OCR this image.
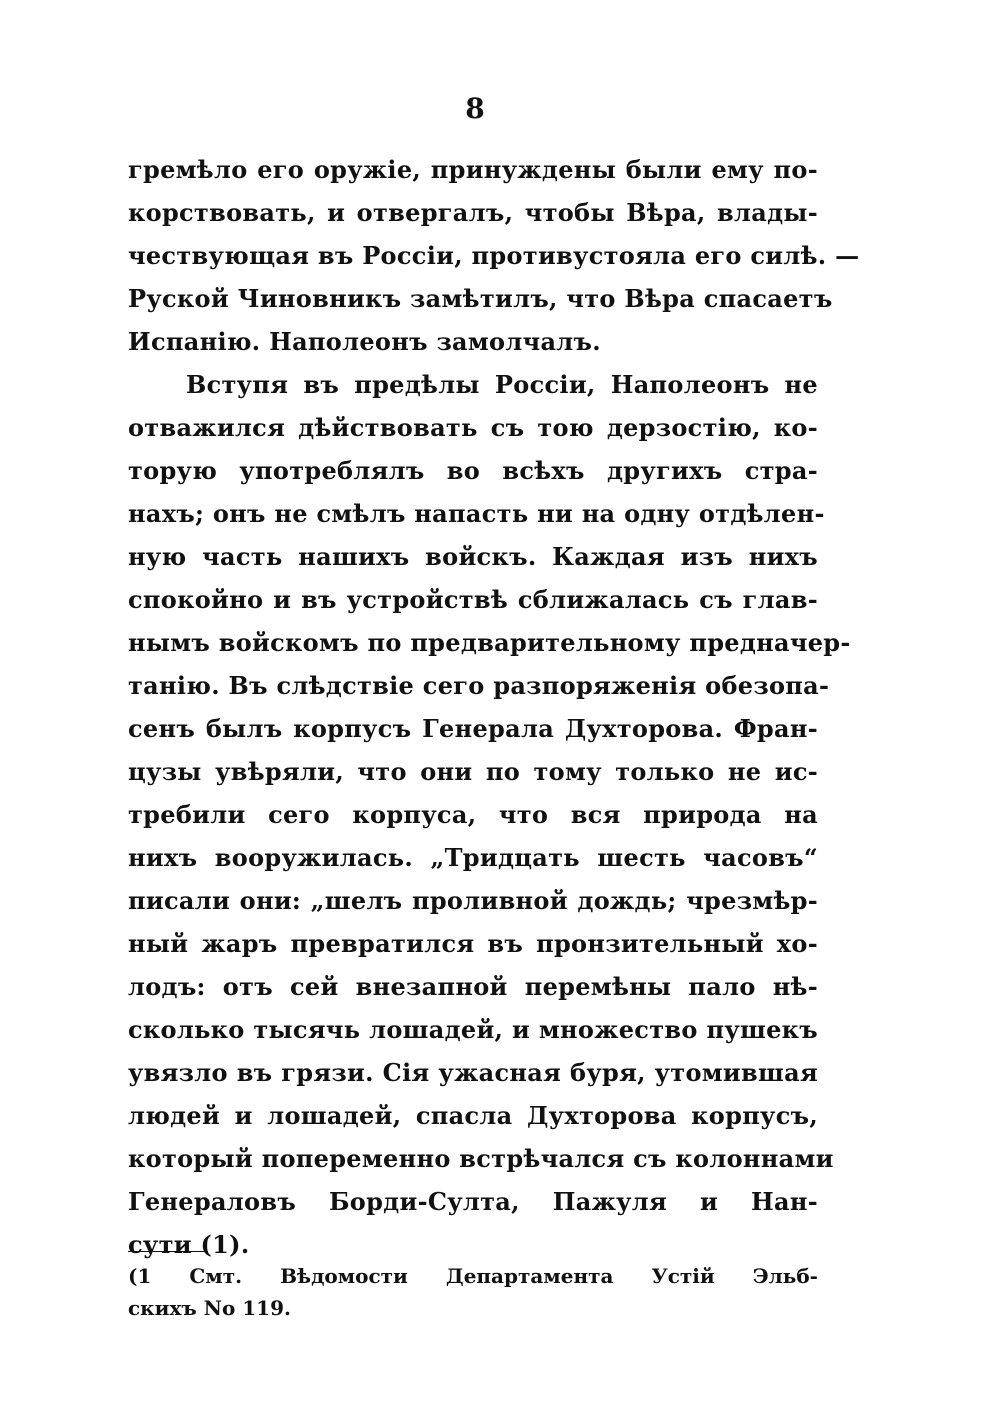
8
гремѣло его оружіе, принуждены были ему по-
корствовать, и отвергалъ, чтобы Вѣра, влады-
чествующая въ Россіи, противустояла его силѣ. —
Руской Чиновникъ замѣтилъ, что Вѣра спасаетъ
Испанію. Наполеонъ замолчалъ.
Вступя въ предѣлы Россіи, Наполеонъ не
отважился дѣйствовать съ тою дерзостію, ко-
торую употреблялъ во всѣхъ другихъ стра-
нахъ; онъ не смѣлъ напасть ни на одну отдѣлен-
ную часть нашихъ войскъ. Каждая изъ нихъ
спокойно и въ устройствѣ сближалась съ глав-
нымъ войскомъ по предварительному предначер-
танію. Въ слѣдствіе сего разпоряженія обезопа-
сенъ былъ корпусъ Генерала Духторова. Фран-
цузы увѣряли, что они по тому только не ис-
требили сего корпуса, что вся природа на
нихъ вооружилась. „Тридцать шесть часовъ“
писали они: „шелъ проливной дождь; чрезмѣр-
ный жаръ превратился въ пронзительный хо-
лодъ: отъ сей внезапной перемѣны пало нѣ-
сколько тысячь лошадей, и множество пушекъ
увязло въ грязи. Сія ужасная буря, утомившая
людей и лошадей, спасла Духторова корпусъ,
который попеременно встрѣчался съ колоннами
Генераловъ Борди-Султа, Пажуля и Нан-
сути (1).
(1 Смт. Вѣдомости Департамента Устій Эльб-
скихъ No 119.
